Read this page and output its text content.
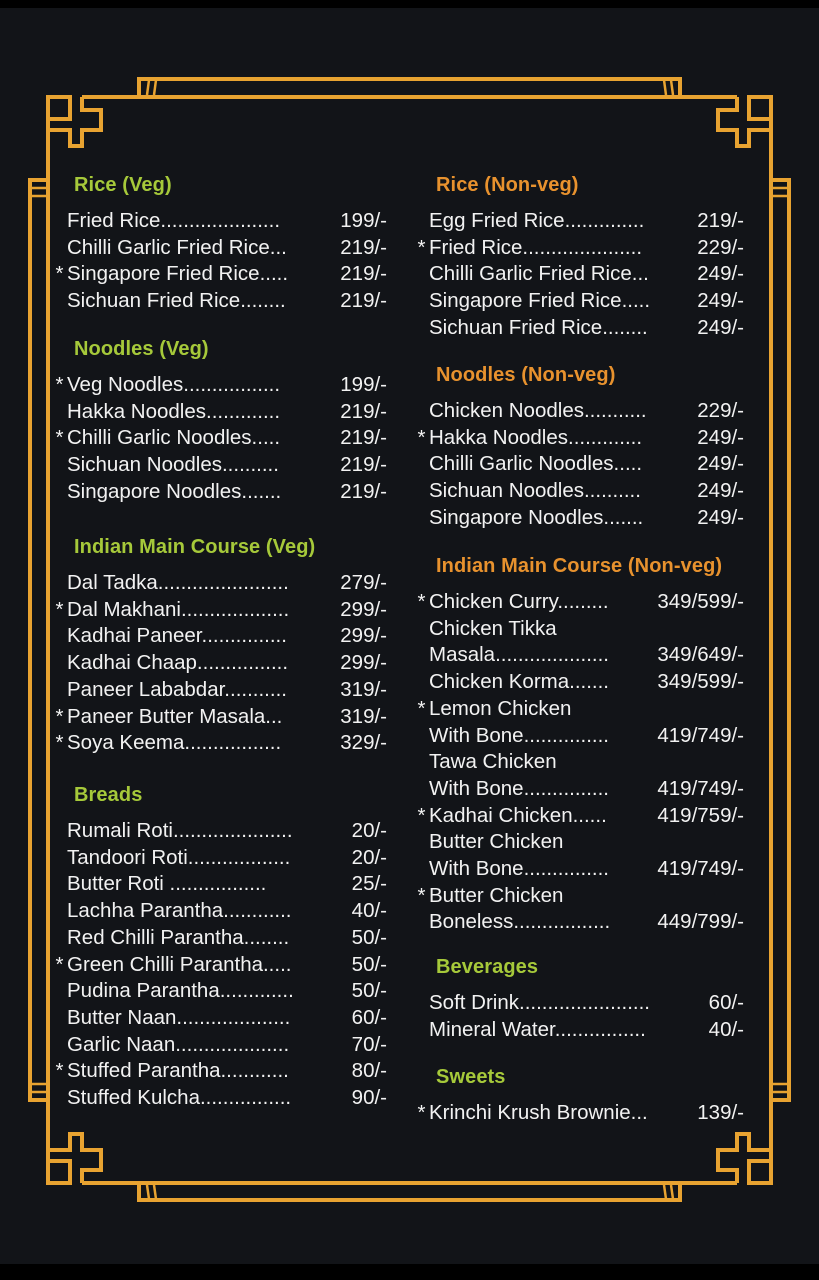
Rice (Veg)
Fried Rice.....................	199/-
Chilli Garlic Fried Rice...	219/-
* Singapore Fried Rice.....	219/-
Sichuan Fried Rice........	219/-
Noodles (Veg)
* Veg Noodles.................	199/-
Hakka Noodles.............	219/-
* Chilli Garlic Noodles.....	219/-
Sichuan Noodles..........	219/-
Singapore Noodles.......	219/-
Indian Main Course (Veg)
Dal Tadka.......................	279/-
* Dal Makhani................... 299/-
Kadhai Paneer...............	299/-
Kadhai Chaap................	299/-
Paneer Lababdar...........	319/-
* Paneer Butter Masala...	319/-
* Soya Keema.................	329/-
Breads
Rumali Roti.....................	20/-
Tandoori Roti..................	20/-
Butter Roti .................	25/-
Lachha Parantha............	40/-
Red Chilli Parantha........	50/-
* Green Chilli Parantha.....	50/-
Pudina Parantha.............	50/-
Butter Naan....................	60/-
Garlic Naan....................	70/-
* Stuffed Parantha............	80/-
Stuffed Kulcha................	90/-
Rice (Non-veg)
Egg Fried Rice..............	219/-
* Fried Rice.....................	229/-
Chilli Garlic Fried Rice... 249/-
Singapore Fried Rice..... 249/-
Sichuan Fried Rice........ 249/-
Noodles (Non-veg)
Chicken Noodles........... 229/-
* Hakka Noodles.............	249/-
Chilli Garlic Noodles.....	249/-
Sichuan Noodles..........	249/-
Singapore Noodles.......	249/-
Indian Main Course (Non-veg)
* Chicken Curry......... 349/599/-
Chicken Tikka
Masala.................... 349/649/-
Chicken Korma....... 349/599/-
* Lemon Chicken
With Bone............... 419/749/-
Tawa Chicken
With Bone............... 419/749/-
* Kadhai Chicken...... 419/759/-
Butter Chicken
With Bone............... 419/749/-
* Butter Chicken
Boneless................. 449/799/-
Beverages
Soft Drink.......................	60/-
Mineral Water................	40/-
Sweets
* Krinchi Krush Brownie... 139/-
